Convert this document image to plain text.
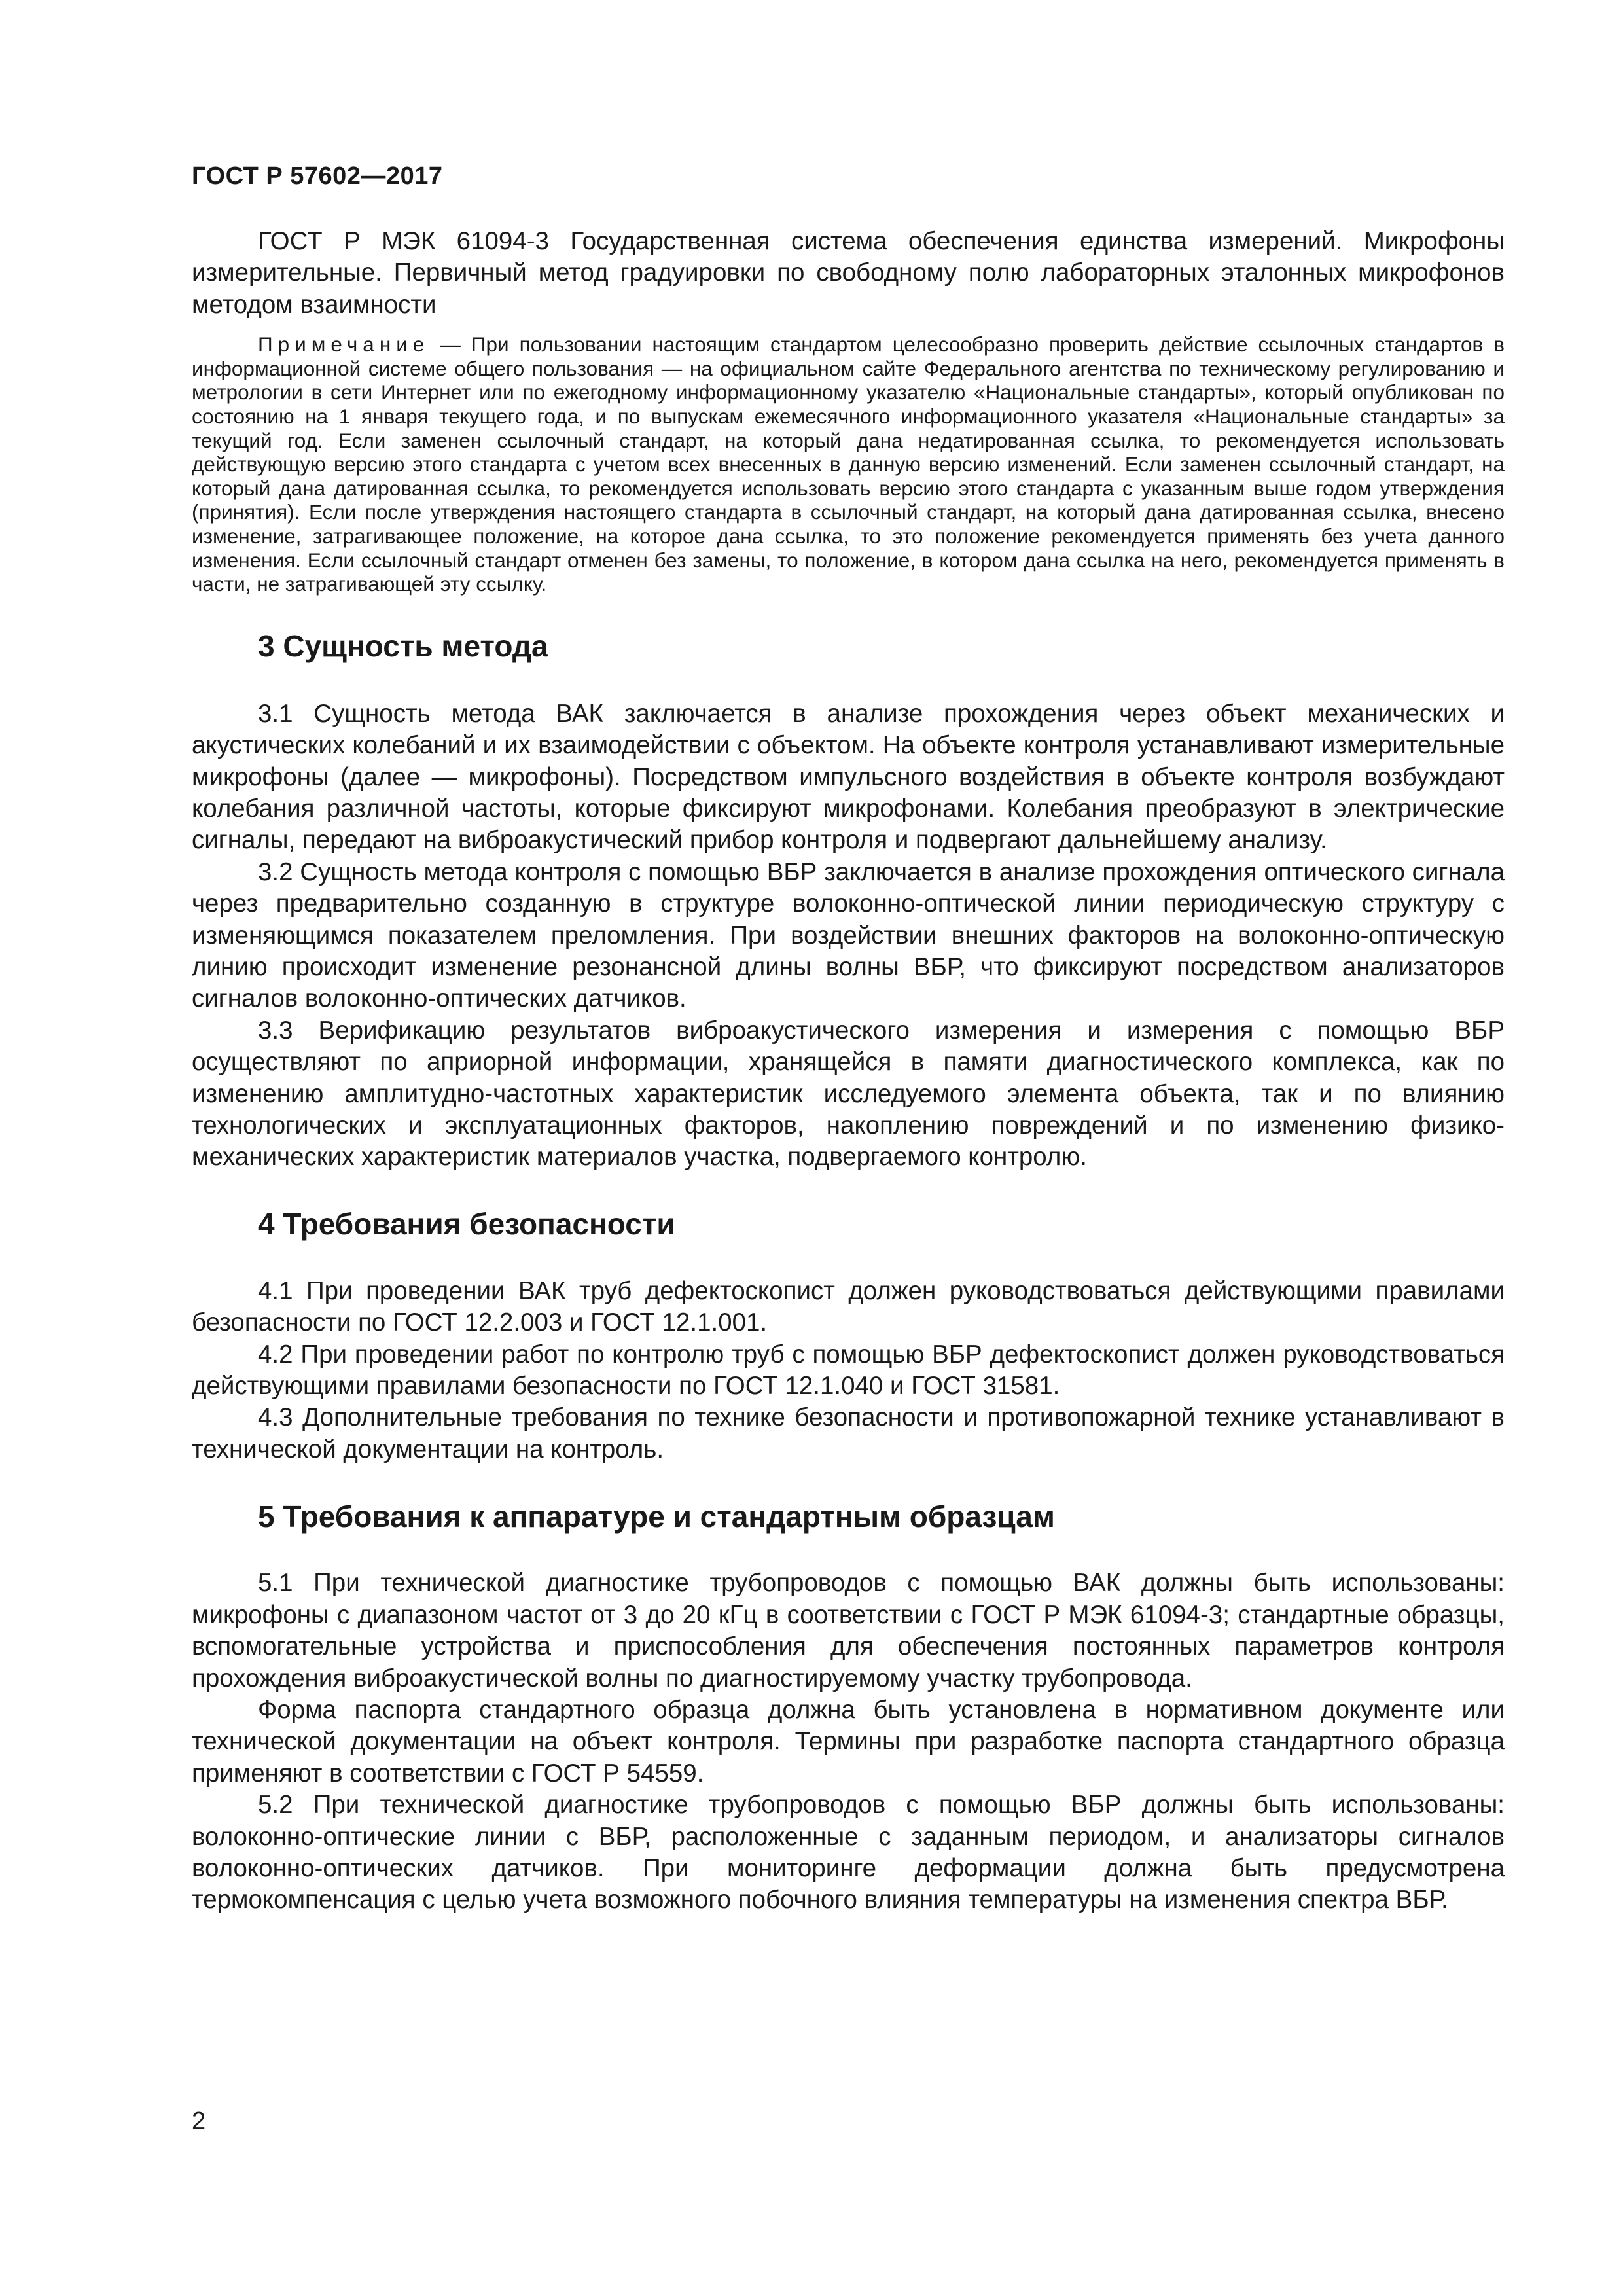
ГОСТ Р 57602—2017

ГОСТ Р МЭК 61094-3 Государственная система обеспечения единства измерений. Микрофоны измерительные. Первичный метод градуировки по свободному полю лабораторных эталонных микрофонов методом взаимности

Примечание — При пользовании настоящим стандартом целесообразно проверить действие ссылочных стандартов в информационной системе общего пользования — на официальном сайте Федерального агентства по техническому регулированию и метрологии в сети Интернет или по ежегодному информационному указателю «Национальные стандарты», который опубликован по состоянию на 1 января текущего года, и по выпускам ежемесячного информационного указателя «Национальные стандарты» за текущий год. Если заменен ссылочный стандарт, на который дана недатированная ссылка, то рекомендуется использовать действующую версию этого стандарта с учетом всех внесенных в данную версию изменений. Если заменен ссылочный стандарт, на который дана датированная ссылка, то рекомендуется использовать версию этого стандарта с указанным выше годом утверждения (принятия). Если после утверждения настоящего стандарта в ссылочный стандарт, на который дана датированная ссылка, внесено изменение, затрагивающее положение, на которое дана ссылка, то это положение рекомендуется применять без учета данного изменения. Если ссылочный стандарт отменен без замены, то положение, в котором дана ссылка на него, рекомендуется применять в части, не затрагивающей эту ссылку.

3 Сущность метода

3.1 Сущность метода ВАК заключается в анализе прохождения через объект механических и акустических колебаний и их взаимодействии с объектом. На объекте контроля устанавливают измерительные микрофоны (далее — микрофоны). Посредством импульсного воздействия в объекте контроля возбуждают колебания различной частоты, которые фиксируют микрофонами. Колебания преобразуют в электрические сигналы, передают на виброакустический прибор контроля и подвергают дальнейшему анализу.

3.2 Сущность метода контроля с помощью ВБР заключается в анализе прохождения оптического сигнала через предварительно созданную в структуре волоконно-оптической линии периодическую структуру с изменяющимся показателем преломления. При воздействии внешних факторов на волоконно-оптическую линию происходит изменение резонансной длины волны ВБР, что фиксируют посредством анализаторов сигналов волоконно-оптических датчиков.

3.3 Верификацию результатов виброакустического измерения и измерения с помощью ВБР осуществляют по априорной информации, хранящейся в памяти диагностического комплекса, как по изменению амплитудно-частотных характеристик исследуемого элемента объекта, так и по влиянию технологических и эксплуатационных факторов, накоплению повреждений и по изменению физико-механических характеристик материалов участка, подвергаемого контролю.

4 Требования безопасности

4.1 При проведении ВАК труб дефектоскопист должен руководствоваться действующими правилами безопасности по ГОСТ 12.2.003 и ГОСТ 12.1.001.

4.2 При проведении работ по контролю труб с помощью ВБР дефектоскопист должен руководствоваться действующими правилами безопасности по ГОСТ 12.1.040 и ГОСТ 31581.

4.3 Дополнительные требования по технике безопасности и противопожарной технике устанавливают в технической документации на контроль.

5 Требования к аппаратуре и стандартным образцам

5.1 При технической диагностике трубопроводов с помощью ВАК должны быть использованы: микрофоны с диапазоном частот от 3 до 20 кГц в соответствии с ГОСТ Р МЭК 61094-3; стандартные образцы, вспомогательные устройства и приспособления для обеспечения постоянных параметров контроля прохождения виброакустической волны по диагностируемому участку трубопровода.

Форма паспорта стандартного образца должна быть установлена в нормативном документе или технической документации на объект контроля. Термины при разработке паспорта стандартного образца применяют в соответствии с ГОСТ Р 54559.

5.2 При технической диагностике трубопроводов с помощью ВБР должны быть использованы: волоконно-оптические линии с ВБР, расположенные с заданным периодом, и анализаторы сигналов волоконно-оптических датчиков. При мониторинге деформации должна быть предусмотрена термокомпенсация с целью учета возможного побочного влияния температуры на изменения спектра ВБР.

2
